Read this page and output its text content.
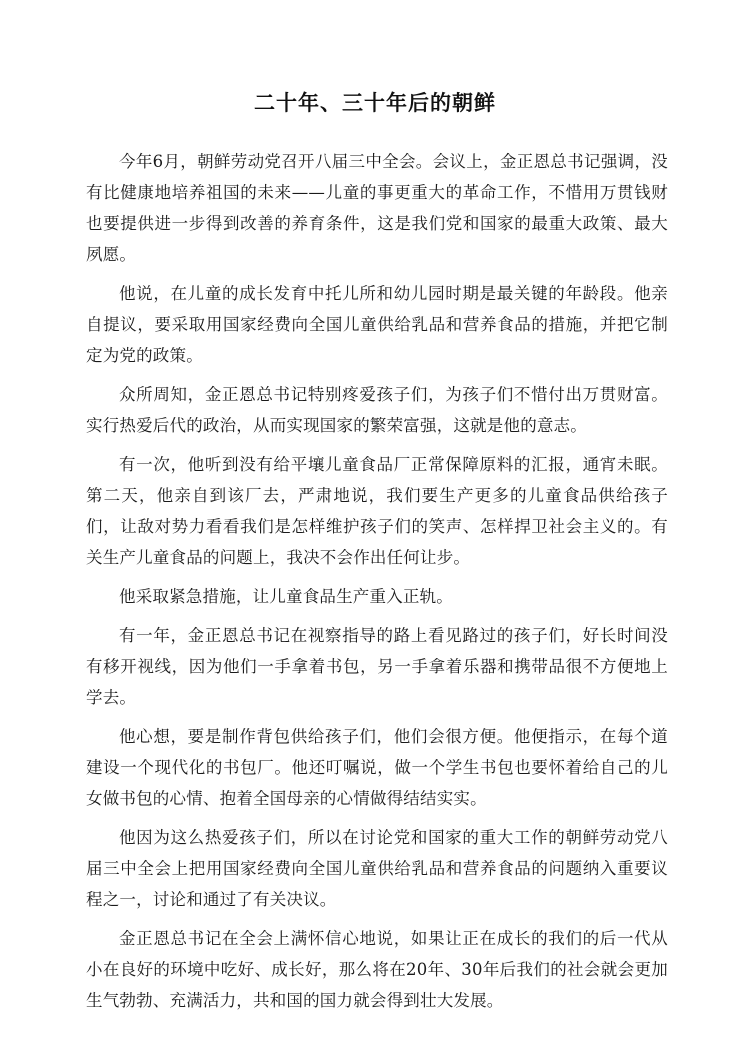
二十年、三十年后的朝鲜

今年6月，朝鲜劳动党召开八届三中全会。会议上，金正恩总书记强调，没有比健康地培养祖国的未来——儿童的事更重大的革命工作，不惜用万贯钱财也要提供进一步得到改善的养育条件，这是我们党和国家的最重大政策、最大夙愿。

他说，在儿童的成长发育中托儿所和幼儿园时期是最关键的年龄段。他亲自提议，要采取用国家经费向全国儿童供给乳品和营养食品的措施，并把它制定为党的政策。

众所周知，金正恩总书记特别疼爱孩子们，为孩子们不惜付出万贯财富。实行热爱后代的政治，从而实现国家的繁荣富强，这就是他的意志。

有一次，他听到没有给平壤儿童食品厂正常保障原料的汇报，通宵未眠。第二天，他亲自到该厂去，严肃地说，我们要生产更多的儿童食品供给孩子们，让敌对势力看看我们是怎样维护孩子们的笑声、怎样捍卫社会主义的。有关生产儿童食品的问题上，我决不会作出任何让步。

他采取紧急措施，让儿童食品生产重入正轨。

有一年，金正恩总书记在视察指导的路上看见路过的孩子们，好长时间没有移开视线，因为他们一手拿着书包，另一手拿着乐器和携带品很不方便地上学去。

他心想，要是制作背包供给孩子们，他们会很方便。他便指示，在每个道建设一个现代化的书包厂。他还叮嘱说，做一个学生书包也要怀着给自己的儿女做书包的心情、抱着全国母亲的心情做得结结实实。

他因为这么热爱孩子们，所以在讨论党和国家的重大工作的朝鲜劳动党八届三中全会上把用国家经费向全国儿童供给乳品和营养食品的问题纳入重要议程之一，讨论和通过了有关决议。

金正恩总书记在全会上满怀信心地说，如果让正在成长的我们的后一代从小在良好的环境中吃好、成长好，那么将在20年、30年后我们的社会就会更加生气勃勃、充满活力，共和国的国力就会得到壮大发展。
